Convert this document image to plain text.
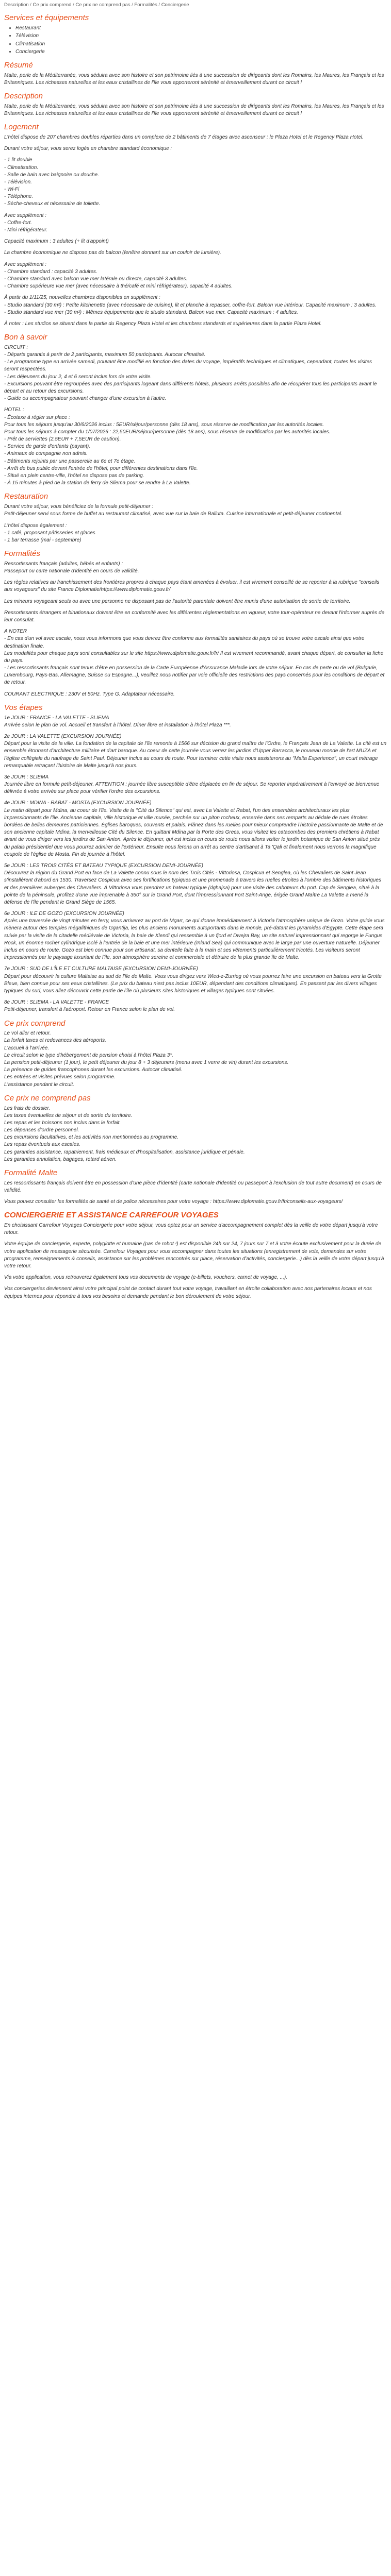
Description / Ce prix comprend / Ce prix ne comprend pas / Formalités / Conciergerie
Services et équipements
• Restaurant
• Télévision
• Climatisation
• Conciergerie
Résumé

Malte, perle de la Méditerranée, vous séduira avec son histoire et son patrimoine liés à une succession de dirigeants dont les Romains, les Maures, les Français et les Britanniques. Les richesses naturelles et les eaux cristallines de l'île vous apporteront sérénité et émerveillement durant ce circuit !

Description

Malte, perle de la Méditerranée, vous séduira avec son histoire et son patrimoine liés à une succession de dirigeants dont les Romains, les Maures, les Français et les Britanniques. Les richesses naturelles et les eaux cristallines de l'île vous apporteront sérénité et émerveillement durant ce circuit !

Logement

L'hôtel dispose de 207 chambres doubles réparties dans un complexe de 2 bâtiments de 7 étages avec ascenseur : le Plaza Hotel et le Regency Plaza Hotel.

Durant votre séjour, vous serez logés en chambre standard économique :

- 1 lit double
- Climatisation.
- Salle de bain avec baignoire ou douche.
- Télévision.
- Wi-Fi
- Téléphone.
- Sèche-cheveux et nécessaire de toilette.

Avec supplément :
- Coffre-fort.
- Mini réfrigérateur.

Capacité maximum : 3 adultes (+ lit d'appoint)

La chambre économique ne dispose pas de balcon (fenêtre donnant sur un couloir de lumière).

Avec supplément :
- Chambre standard : capacité 3 adultes.
- Chambre standard avec balcon vue mer latérale ou directe, capacité 3 adultes.
- Chambre supérieure vue mer (avec nécessaire à thé/café et mini réfrigérateur), capacité 4 adultes.

À partir du 1/11/25, nouvelles chambres disponibles en supplément :
- Studio standard (30 m²) : Petite kitchenette (avec nécessaire de cuisine), lit et planche à repasser, coffre-fort. Balcon vue intérieur. Capacité maximum : 3 adultes.
- Studio standard vue mer (30 m²) : Mêmes équipements que le studio standard. Balcon vue mer. Capacité maximum : 4 adultes.

À noter : Les studios se situent dans la partie du Regency Plaza Hotel et les chambres standards et supérieures dans la partie Plaza Hotel.

Bon à savoir

CIRCUIT :
- Départs garantis à partir de 2 participants, maximum 50 participants. Autocar climatisé.
- Le programme type en arrivée samedi, pouvant être modifié en fonction des dates du voyage, impératifs techniques et climatiques, cependant, toutes les visites seront respectées.
- Les déjeuners du jour 2, 4 et 6 seront inclus lors de votre visite.
- Excursions pouvant être regroupées avec des participants logeant dans différents hôtels, plusieurs arrêts possibles afin de récupérer tous les participants avant le départ et au retour des excursions.
- Guide ou accompagnateur pouvant changer d'une excursion à l'autre.

HOTEL :
- Écotaxe à régler sur place :
Pour tous les séjours jusqu'au 30/6/2026 inclus : 5EUR/séjour/personne (dès 18 ans), sous réserve de modification par les autorités locales.
Pour tous les séjours à compter du 1/07/2026 : 22,50EUR/séjour/personne (dès 18 ans), sous réserve de modification par les autorités locales.
- Prêt de serviettes (2,5EUR + 7,5EUR de caution).
- Service de garde d'enfants (payant).
- Animaux de compagnie non admis.
- Bâtiments rejoints par une passerelle au 6e et 7e étage.
- Arrêt de bus public devant l'entrée de l'hôtel, pour différentes destinations dans l'île.
- Situé en plein centre-ville, l'hôtel ne dispose pas de parking.
- À 15 minutes à pied de la station de ferry de Sliema pour se rendre à La Valette.

Restauration

Durant votre séjour, vous bénéficiez de la formule petit-déjeuner :
Petit-déjeuner servi sous forme de buffet au restaurant climatisé, avec vue sur la baie de Balluta. Cuisine internationale et petit-déjeuner continental.

L'hôtel dispose également :
- 1 café, proposant pâtisseries et glaces
- 1 bar terrasse (mai - septembre)

Formalités

Ressortissants français (adultes, bébés et enfants) :
Passeport ou carte nationale d'identité en cours de validité.

Les règles relatives au franchissement des frontières propres à chaque pays étant amenées à évoluer, il est vivement conseillé de se reporter à la rubrique "conseils aux voyageurs" du site France Diplomatie/https://www.diplomatie.gouv.fr/

Les mineurs voyageant seuls ou avec une personne ne disposant pas de l'autorité parentale doivent être munis d'une autorisation de sortie de territoire.

Ressortissants étrangers et binationaux doivent être en conformité avec les différentes réglementations en vigueur, votre tour-opérateur ne devant l'informer auprès de leur consulat.

A NOTER
- En cas d'un vol avec escale, nous vous informons que vous devrez être conforme aux formalités sanitaires du pays où se trouve votre escale ainsi que votre destination finale.
Les modalités pour chaque pays sont consultables sur le site https://www.diplomatie.gouv.fr/fr/ Il est vivement recommandé, avant chaque départ, de consulter la fiche du pays.
- Les ressortissants français sont tenus d'être en possession de la Carte Européenne d'Assurance Maladie lors de votre séjour. En cas de perte ou de vol (Bulgarie, Luxembourg, Pays-Bas, Allemagne, Suisse ou Espagne...), veuillez nous notifier par voie officielle des restrictions des pays concernés pour les conditions de départ et de retour.

COURANT ELECTRIQUE : 230V et 50Hz. Type G. Adaptateur nécessaire.

Vos étapes

1e JOUR : FRANCE - LA VALETTE - SLIEMA
Arrivée selon le plan de vol. Accueil et transfert à l'hôtel. Dîner libre et installation à l'hôtel Plaza ***.

2e JOUR : LA VALETTE (EXCURSION JOURNÉE)
Départ pour la visite de la ville. La fondation de la capitale de l'île remonte à 1566 sur décision du grand maître de l'Ordre, le Français Jean de La Valette. La cité est un ensemble étonnant d'architecture militaire et d'art baroque. Au coeur de cette journée vous verrez les jardins d'Upper Barracca, le nouveau monde de l'art MUZA et l'église collégiale du naufrage de Saint Paul. Déjeuner inclus au cours de route. Pour terminer cette visite nous assisterons au "Malta Experience", un court métrage remarquable retraçant l'histoire de Malte jusqu'à nos jours.

3e JOUR : SLIEMA
Journée libre en formule petit-déjeuner. ATTENTION : journée libre susceptible d'être déplacée en fin de séjour. Se reporter impérativement à l'envoyé de bienvenue délivrée à votre arrivée sur place pour vérifier l'ordre des excursions.

4e JOUR : MDINA - RABAT - MOSTA (EXCURSION JOURNÉE)
Le matin départ pour Mdina, au coeur de l'île. Visite de la "Cité du Silence" qui est, avec La Valette et Rabat, l'un des ensembles architecturaux les plus impressionnants de l'île. Ancienne capitale, ville historique et ville musée, perchée sur un piton rocheux, enserrée dans ses remparts au dédale de rues étroites bordées de belles demeures patriciennes. Églises baroques, couvents et palais. Flânez dans les ruelles pour mieux comprendre l'histoire passionnante de Malte et de son ancienne capitale Mdina, la merveilleuse Cité du Silence. En quittant Mdina par la Porte des Grecs, vous visitez les catacombes des premiers chrétiens à Rabat avant de vous diriger vers les jardins de San Anton. Après le déjeuner, qui est inclus en cours de route nous allons visiter le jardin botanique de San Anton situé près du palais présidentiel que vous pourrez admirer de l'extérieur. Ensuite nous ferons un arrêt au centre d'artisanat à Ta 'Qali et finalement nous verrons la magnifique coupole de l'église de Mosta. Fin de journée à l'hôtel.

5e JOUR : LES TROIS CITÉS ET BATEAU TYPIQUE (EXCURSION DEMI-JOURNÉE)
Découvrez la région du Grand Port en face de La Valette connu sous le nom des Trois Cités - Vittoriosa, Cospicua et Senglea, où les Chevaliers de Saint Jean s'installèrent d'abord en 1530. Traversez Cospicua avec ses fortifications typiques et une promenade à travers les ruelles étroites à l'ombre des bâtiments historiques et des premières auberges des Chevaliers. À Vittoriosa vous prendrez un bateau typique (dghajsa) pour une visite des caboteurs du port. Cap de Senglea, situé à la pointe de la péninsule, profitez d'une vue imprenable à 360° sur le Grand Port, dont l'impressionnant Fort Saint-Ange, érigée Grand Maître La Valette a mené la défense de l'île pendant le Grand Siège de 1565.

6e JOUR : ILE DE GOZO (EXCURSION JOURNÉE)
Après une traversée de vingt minutes en ferry, vous arriverez au port de Mgarr, ce qui donne immédiatement à Victoria l'atmosphère unique de Gozo. Votre guide vous mènera autour des temples mégalithiques de Ggantija, les plus anciens monuments autoportants dans le monde, pré-datant les pyramides d'Égypte. Cette étape sera suivie par la visite de la citadelle médiévale de Victoria, la baie de Xlendi qui ressemble à un fjord et Dwejra Bay, un site naturel impressionnant qui regorge le Fungus Rock, un énorme rocher cylindrique isolé à l'entrée de la baie et une mer intérieure (Inland Sea) qui communique avec le large par une ouverture naturelle. Déjeuner inclus en cours de route. Gozo est bien connue pour son artisanat, sa dentelle faite à la main et ses vêtements particulièrement tricotés. Les visiteurs seront impressionnés par le paysage luxuriant de l'île, son atmosphère sereine et commerciale et détruire de la plus grande île de Malte.

7e JOUR : SUD DE L'ÎLE ET CULTURE MALTAISE (EXCURSION DEMI-JOURNÉE)
Départ pour découvrir la culture Maltaise au sud de l'île de Malte. Vous vous dirigez vers Wied-z-Zurrieg où vous pourrez faire une excursion en bateau vers la Grotte Bleue, bien connue pour ses eaux cristallines. (Le prix du bateau n'est pas inclus 10EUR, dépendant des conditions climatiques). En passant par les divers villages typiques du sud, vous allez découvrir cette partie de l'île où plusieurs sites historiques et villages typiques sont situées.

8e JOUR : SLIEMA - LA VALETTE - FRANCE
Petit-déjeuner, transfert à l'aéroport. Retour en France selon le plan de vol.

Ce prix comprend

Le vol aller et retour.
La forfait taxes et redevances des aéroports.
L'accueil à l'arrivée.
Le circuit selon le type d'hébergement de pension choisi à l'hôtel Plaza 3*.
La pension petit-déjeuner (1 jour), le petit déjeuner du jour 8 + 3 déjeuners (menu avec 1 verre de vin) durant les excursions.
La présence de guides francophones durant les excursions. Autocar climatisé.
Les entrées et visites prévues selon programme.
L'assistance pendant le circuit.

Ce prix ne comprend pas

Les frais de dossier.
Les taxes éventuelles de séjour et de sortie du territoire.
Les repas et les boissons non inclus dans le forfait.
Les dépenses d'ordre personnel.
Les excursions facultatives, et les activités non mentionnées au programme.
Les repas éventuels aux escales.
Les garanties assistance, rapatriement, frais médicaux et d'hospitalisation, assistance juridique et pénale.
Les garanties annulation, bagages, retard aérien.

Formalité Malte

Les ressortissants français doivent être en possession d'une pièce d'identité (carte nationale d'identité ou passeport à l'exclusion de tout autre document) en cours de validité.

Vous pouvez consulter les formalités de santé et de police nécessaires pour votre voyage : https://www.diplomatie.gouv.fr/fr/conseils-aux-voyageurs/

CONCIERGERIE ET ASSISTANCE CARREFOUR VOYAGES

En choisissant Carrefour Voyages Conciergerie pour votre séjour, vous optez pour un service d'accompagnement complet dès la veille de votre départ jusqu'à votre retour.

Votre équipe de conciergerie, experte, polyglotte et humaine (pas de robot !) est disponible 24h sur 24, 7 jours sur 7 et à votre écoute exclusivement pour la durée de votre application de messagerie sécurisée. Carrefour Voyages pour vous accompagner dans toutes les situations (enregistrement de vols, demandes sur votre programme, renseignements & conseils, assistance sur les problèmes rencontrés sur place, réservation d'activités, conciergerie...) dès la veille de votre départ jusqu'à votre retour.

Via votre application, vous retrouverez également tous vos documents de voyage (e-billets, vouchers, carnet de voyage, ...).

Vos conciergeries deviennent ainsi votre principal point de contact durant tout votre voyage, travaillant en étroite collaboration avec nos partenaires locaux et nos équipes internes pour répondre à tous vos besoins et demande pendant le bon déroulement de votre séjour.
